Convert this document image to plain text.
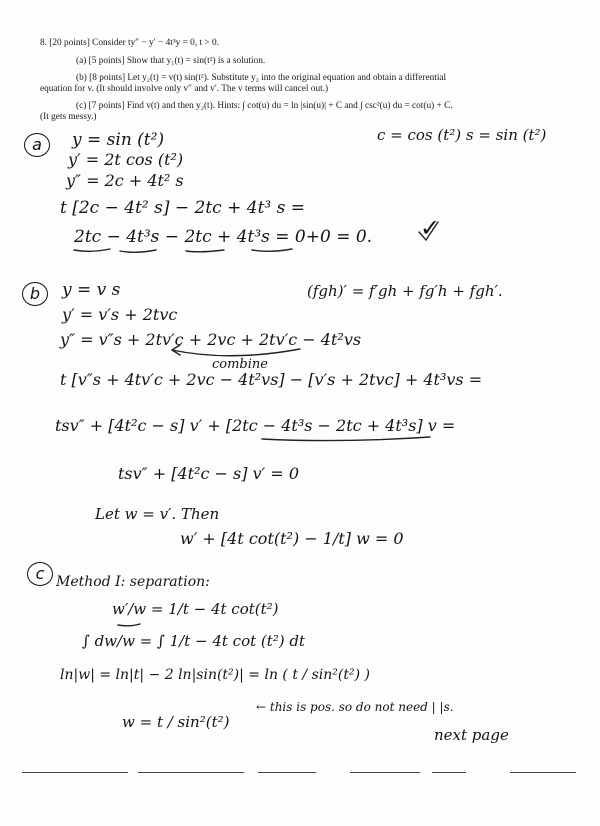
8. [20 points] Consider ty″ − y′ − 4t³y = 0, t > 0.
(a) [5 points] Show that y₁(t) = sin(t²) is a solution.
(b) [8 points] Let y₂(t) = v(t) sin(t²). Substitute y₂ into the original equation and obtain a differential
equation for v. (It should involve only v″ and v′. The v terms will cancel out.)
(c) [7 points] Find v(t) and then y₂(t). Hints: ∫ cot(u) du = ln |sin(u)| + C and ∫ csc²(u) du = cot(u) + C.
(It gets messy.)
a	c = cos (t²) s = sin (t²)
y = sin (t²)
y′ = 2t cos (t²)
y″ = 2c + 4t² s
t [2c − 4t² s] − 2tc + 4t³ s =
2tc − 4t³s − 2tc + 4t³s = 0+0 = 0. ✓
b	(fgh)′ = f′gh + fg′h + fgh′.
y = v s
y′ = v′s + 2tvc
y″ = v″s + 2tv′c + 2vc + 2tv′c − 4t²vs
combine
t [v″s + 4tv′c + 2vc − 4t²vs] − [v′s + 2tvc] + 4t³vs =
tsv″ + [4t²c − s] v′ + [2tc − 4t³s − 2tc + 4t³s] v =
tsv″ + [4t²c − s] v′ = 0
Let w = v′. Then
w′ + [4t cot(t²) − 1/t] w = 0
c Method I: separation:
w′/w = 1/t − 4t cot(t²)
∫ dw/w = ∫ 1/t − 4t cot (t²) dt
ln|w| = ln|t| − 2 ln|sin(t²)| = ln ( t / sin²(t²) )
w = t / sin²(t²)
← this is pos. so do not need | |s.
next page
